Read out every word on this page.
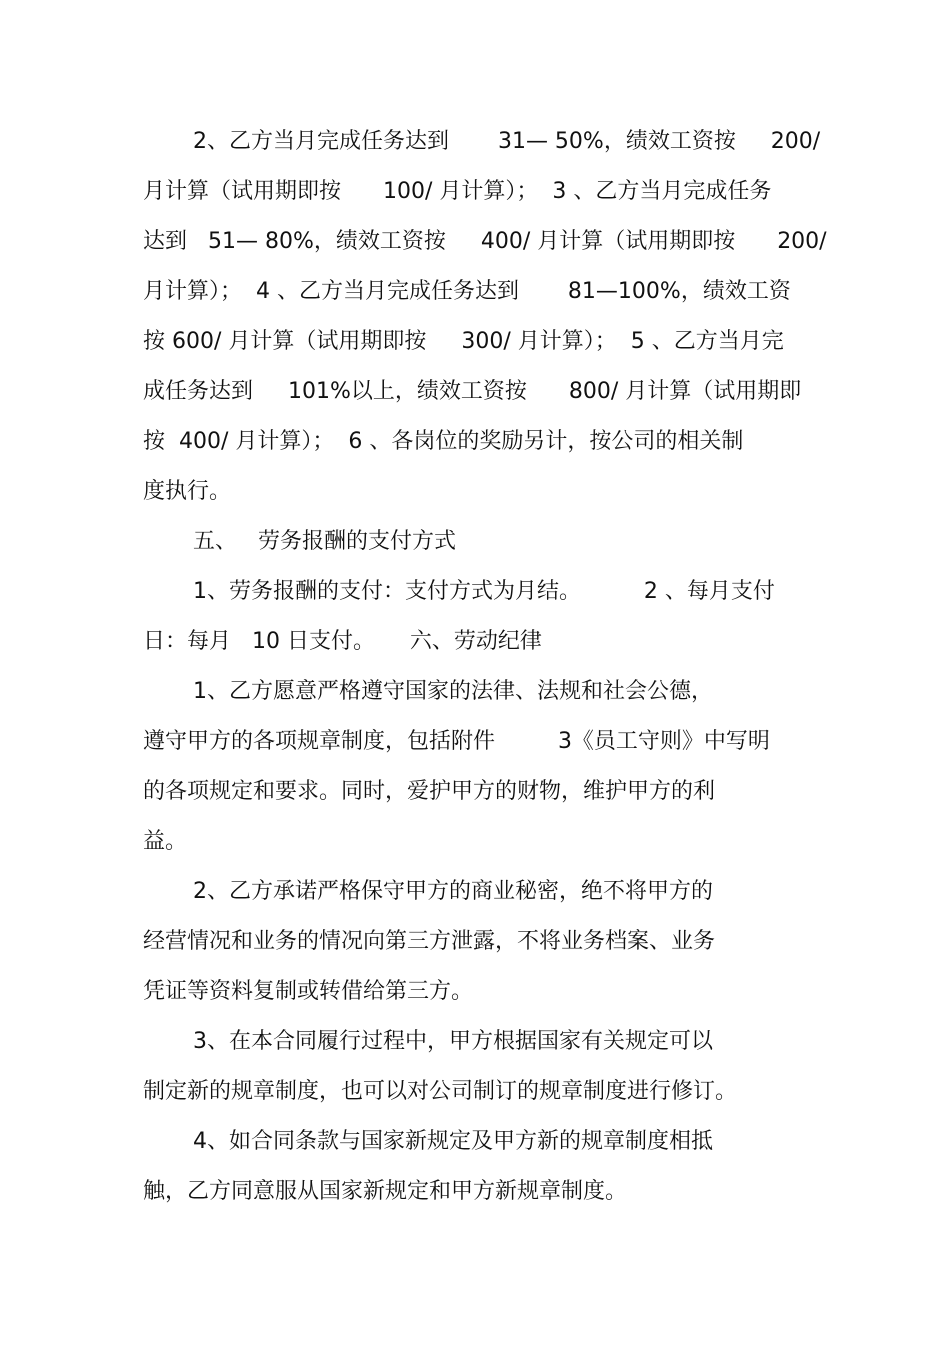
2、乙方当月完成任务达到       31— 50%，绩效工资按     200/
月计算（试用期即按      100/ 月计算）；  3 、乙方当月完成任务
达到   51— 80%，绩效工资按     400/ 月计算（试用期即按      200/
月计算）；  4 、乙方当月完成任务达到       81—100%，绩效工资
按 600/ 月计算（试用期即按     300/ 月计算）；  5 、乙方当月完
成任务达到     101%以上，绩效工资按      800/ 月计算（试用期即
按  400/ 月计算）；  6 、各岗位的奖励另计，按公司的相关制
度执行。
五、   劳务报酬的支付方式
1、劳务报酬的支付：支付方式为月结。         2 、每月支付
日：每月   10 日支付。     六、劳动纪律
1、乙方愿意严格遵守国家的法律、法规和社会公德，
遵守甲方的各项规章制度，包括附件         3《员工守则》中写明
的各项规定和要求。同时，爱护甲方的财物，维护甲方的利
益。
2、乙方承诺严格保守甲方的商业秘密，绝不将甲方的
经营情况和业务的情况向第三方泄露，不将业务档案、业务
凭证等资料复制或转借给第三方。
3、在本合同履行过程中，甲方根据国家有关规定可以
制定新的规章制度，也可以对公司制订的规章制度进行修订。
4、如合同条款与国家新规定及甲方新的规章制度相抵
触，乙方同意服从国家新规定和甲方新规章制度。
